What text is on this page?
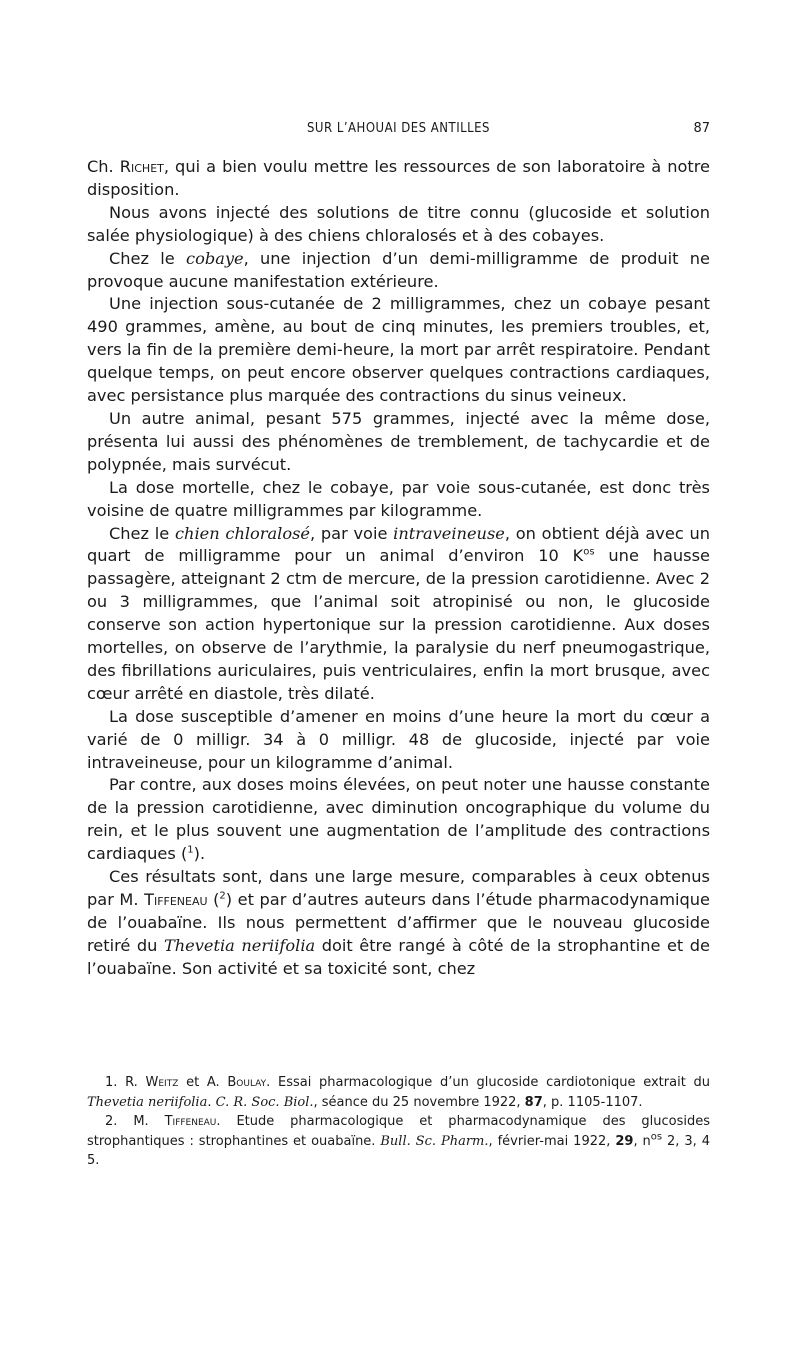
SUR L’AHOUAI DES ANTILLES	87

Ch. Richet, qui a bien voulu mettre les ressources de son laboratoire à notre disposition.

Nous avons injecté des solutions de titre connu (glucoside et solution salée physiologique) à des chiens chloralosés et à des cobayes.

Chez le cobaye, une injection d’un demi-milligramme de produit ne provoque aucune manifestation extérieure.

Une injection sous-cutanée de 2 milligrammes, chez un cobaye pesant 490 grammes, amène, au bout de cinq minutes, les premiers troubles, et, vers la fin de la première demi-heure, la mort par arrêt respiratoire. Pendant quelque temps, on peut encore observer quelques contractions cardiaques, avec persistance plus marquée des contractions du sinus veineux.

Un autre animal, pesant 575 grammes, injecté avec la même dose, présenta lui aussi des phénomènes de tremblement, de tachycardie et de polypnée, mais survécut.

La dose mortelle, chez le cobaye, par voie sous-cutanée, est donc très voisine de quatre milligrammes par kilogramme.

Chez le chien chloralosé, par voie intraveineuse, on obtient déjà avec un quart de milligramme pour un animal d’environ 10 $K^{os}$ une hausse passagère, atteignant 2 ctm de mercure, de la pression carotidienne. Avec 2 ou 3 milligrammes, que l’animal soit atropinisé ou non, le glucoside conserve son action hypertonique sur la pression carotidienne. Aux doses mortelles, on observe de l’arythmie, la paralysie du nerf pneumogastrique, des fibrillations auriculaires, puis ventriculaires, enfin la mort brusque, avec cœur arrêté en diastole, très dilaté.

La dose susceptible d’amener en moins d’une heure la mort du cœur a varié de 0 milligr. 34 à 0 milligr. 48 de glucoside, injecté par voie intraveineuse, pour un kilogramme d’animal.

Par contre, aux doses moins élevées, on peut noter une hausse constante de la pression carotidienne, avec diminution oncographique du volume du rein, et le plus souvent une augmentation de l’amplitude des contractions cardiaques ($^1$).

Ces résultats sont, dans une large mesure, comparables à ceux obtenus par M. Tiffeneau ($^2$) et par d’autres auteurs dans l’étude pharmacodynamique de l’ouabaïne. Ils nous permettent d’affirmer que le nouveau glucoside retiré du Thevetia neriifolia doit être rangé à côté de la strophantine et de l’ouabaïne. Son activité et sa toxicité sont, chez

1. R. Weitz et A. Boulay. Essai pharmacologique d’un glucoside cardiotonique extrait du Thevetia neriifolia. C. R. Soc. Biol., séance du 25 novembre 1922, 87, p. 1105-1107.

2. M. Tiffeneau. Etude pharmacologique et pharmacodynamique des glucosides strophantiques : strophantines et ouabaïne. Bull. Sc. Pharm., février-mai 1922, 29, $n^{os}$ 2, 3, 4 5.
